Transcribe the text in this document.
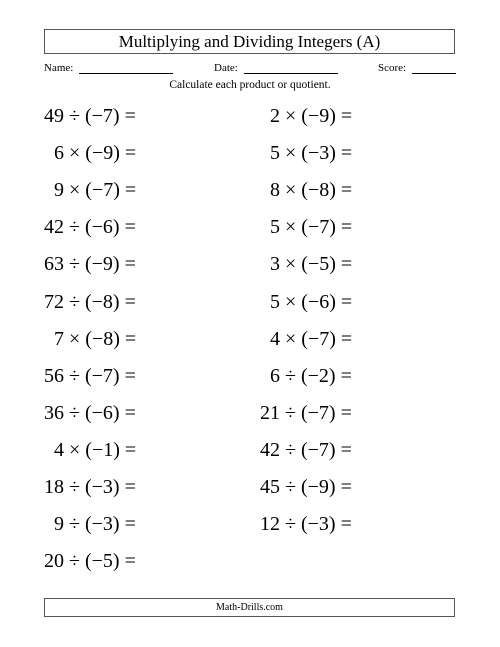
Multiplying and Dividing Integers (A)
Name:	Date:	Score:
Calculate each product or quotient.
49 ÷ (−7) =
6 × (−9) =
9 × (−7) =
42 ÷ (−6) =
63 ÷ (−9) =
72 ÷ (−8) =
7 × (−8) =
56 ÷ (−7) =
36 ÷ (−6) =
4 × (−1) =
18 ÷ (−3) =
9 ÷ (−3) =
20 ÷ (−5) =
2 × (−9) =
5 × (−3) =
8 × (−8) =
5 × (−7) =
3 × (−5) =
5 × (−6) =
4 × (−7) =
6 ÷ (−2) =
21 ÷ (−7) =
42 ÷ (−7) =
45 ÷ (−9) =
12 ÷ (−3) =
Math-Drills.com
